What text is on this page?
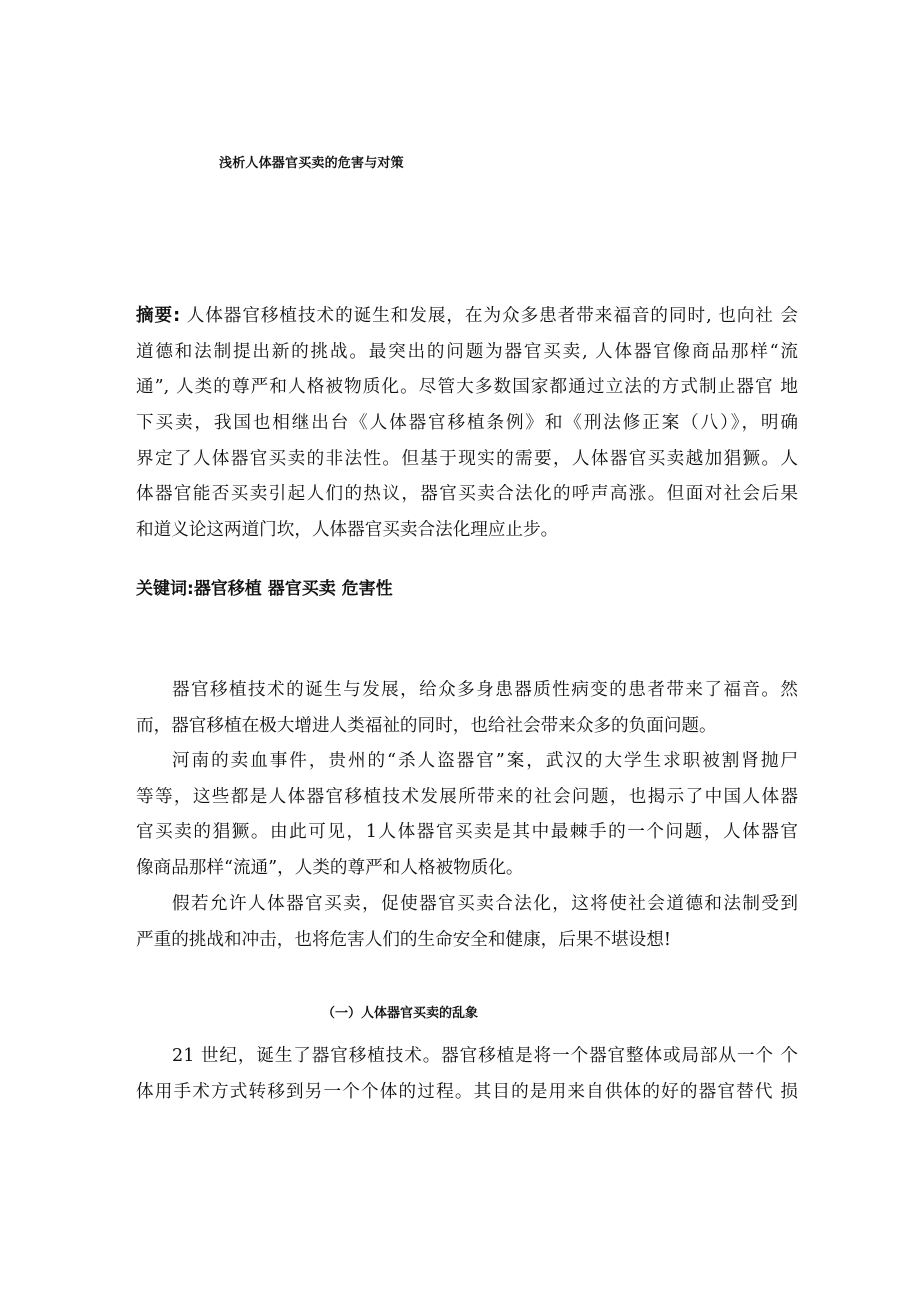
浅析人体器官买卖的危害与对策
摘要: 人体器官移植技术的诞生和发展，在为众多患者带来福音的同时, 也向社 会
道德和法制提出新的挑战。最突出的问题为器官买卖, 人体器官像商品那样“流
通”, 人类的尊严和人格被物质化。尽管大多数国家都通过立法的方式制止器官 地
下买卖，我国也相继出台《人体器官移植条例》和《刑法修正案（八）》，明确
界定了人体器官买卖的非法性。但基于现实的需要，人体器官买卖越加猖獗。人
体器官能否买卖引起人们的热议，器官买卖合法化的呼声高涨。但面对社会后果
和道义论这两道门坎，人体器官买卖合法化理应止步。
关键词:器官移植 器官买卖 危害性
器官移植技术的诞生与发展，给众多身患器质性病变的患者带来了福音。然
而，器官移植在极大增进人类福祉的同时，也给社会带来众多的负面问题。
河南的卖血事件，贵州的“杀人盗器官”案，武汉的大学生求职被割肾抛尸
等等，这些都是人体器官移植技术发展所带来的社会问题，也揭示了中国人体器
官买卖的猖獗。由此可见，1人体器官买卖是其中最棘手的一个问题，人体器官
像商品那样“流通”，人类的尊严和人格被物质化。
假若允许人体器官买卖，促使器官买卖合法化，这将使社会道德和法制受到
严重的挑战和冲击，也将危害人们的生命安全和健康，后果不堪设想!
（一）人体器官买卖的乱象
21 世纪，诞生了器官移植技术。器官移植是将一个器官整体或局部从一个 个
体用手术方式转移到另一个个体的过程。其目的是用来自供体的好的器官替代 损
